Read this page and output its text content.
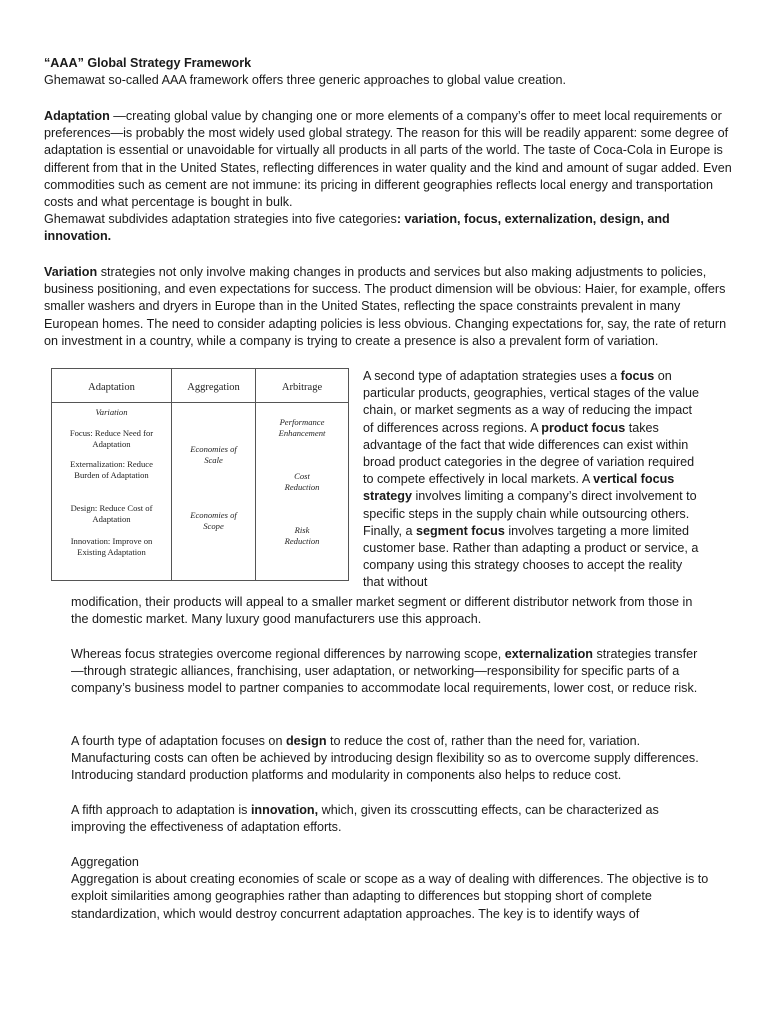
“AAA” Global Strategy Framework

Ghemawat so-called AAA framework offers three generic approaches to global value creation.

Adaptation —creating global value by changing one or more elements of a company’s offer to meet local requirements or preferences—is probably the most widely used global strategy. The reason for this will be readily apparent: some degree of adaptation is essential or unavoidable for virtually all products in all parts of the world. The taste of Coca-Cola in Europe is different from that in the United States, reflecting differences in water quality and the kind and amount of sugar added. Even commodities such as cement are not immune: its pricing in different geographies reflects local energy and transportation costs and what percentage is bought in bulk.
Ghemawat subdivides adaptation strategies into five categories: variation, focus, externalization, design, and innovation.

Variation strategies not only involve making changes in products and services but also making adjustments to policies, business positioning, and even expectations for success. The product dimension will be obvious: Haier, for example, offers smaller washers and dryers in Europe than in the United States, reflecting the space constraints prevalent in many European homes. The need to consider adapting policies is less obvious. Changing expectations for, say, the rate of return on investment in a country, while a company is trying to create a presence is also a prevalent form of variation.

Adaptation
Variation
Focus: Reduce Need for Adaptation
Externalization: Reduce Burden of Adaptation
Design: Reduce Cost of Adaptation
Innovation: Improve on Existing Adaptation
Aggregation
Economies of Scale
Economies of Scope
Arbitrage
Performance Enhancement
Cost Reduction
Risk Reduction

A second type of adaptation strategies uses a focus on particular products, geographies, vertical stages of the value chain, or market segments as a way of reducing the impact of differences across regions. A product focus takes advantage of the fact that wide differences can exist within broad product categories in the degree of variation required to compete effectively in local markets. A vertical focus strategy involves limiting a company’s direct involvement to specific steps in the supply chain while outsourcing others. Finally, a segment focus involves targeting a more limited customer base. Rather than adapting a product or service, a company using this strategy chooses to accept the reality that without

modification, their products will appeal to a smaller market segment or different distributor network from those in the domestic market. Many luxury good manufacturers use this approach.

Whereas focus strategies overcome regional differences by narrowing scope, externalization strategies transfer —through strategic alliances, franchising, user adaptation, or networking—responsibility for specific parts of a company’s business model to partner companies to accommodate local requirements, lower cost, or reduce risk.

A fourth type of adaptation focuses on design to reduce the cost of, rather than the need for, variation. Manufacturing costs can often be achieved by introducing design flexibility so as to overcome supply differences. Introducing standard production platforms and modularity in components also helps to reduce cost.

A fifth approach to adaptation is innovation, which, given its crosscutting effects, can be characterized as improving the effectiveness of adaptation efforts.

Aggregation
Aggregation is about creating economies of scale or scope as a way of dealing with differences. The objective is to exploit similarities among geographies rather than adapting to differences but stopping short of complete standardization, which would destroy concurrent adaptation approaches. The key is to identify ways of
